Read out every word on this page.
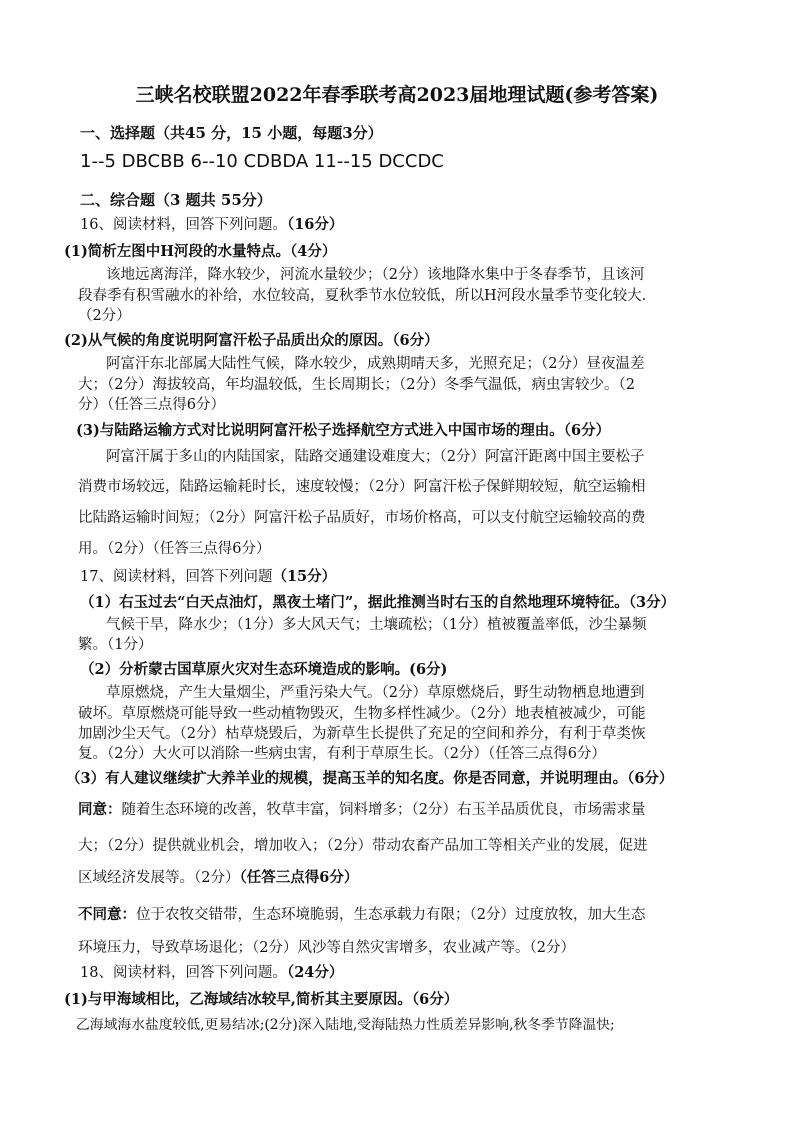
三峡名校联盟2022年春季联考高2023届地理试题(参考答案)
一、选择题（共45 分，15 小题，每题3分）
1--5 DBCBB 6--10 CDBDA 11--15 DCCDC
二、综合题（3 题共 55分）
16、阅读材料，回答下列问题。（16分）
(1)简析左图中H河段的水量特点。（4分）
该地远离海洋，降水较少，河流水量较少；（2分）该地降水集中于冬春季节，且该河
段春季有积雪融水的补给，水位较高，夏秋季节水位较低，所以H河段水量季节变化较大.
（2分）
(2)从气候的角度说明阿富汗松子品质出众的原因。（6分）
阿富汗东北部属大陆性气候，降水较少，成熟期晴天多，光照充足；（2分）昼夜温差
大；（2分）海拔较高，年均温较低，生长周期长；（2分）冬季气温低，病虫害较少。（2
分）（任答三点得6分）
(3)与陆路运输方式对比说明阿富汗松子选择航空方式进入中国市场的理由。（6分）
阿富汗属于多山的内陆国家，陆路交通建设难度大；（2分）阿富汗距离中国主要松子
消费市场较远，陆路运输耗时长，速度较慢；（2分）阿富汗松子保鲜期较短，航空运输相
比陆路运输时间短；（2分）阿富汗松子品质好，市场价格高，可以支付航空运输较高的费
用。（2分）（任答三点得6分）
17、阅读材料，回答下列问题（15分）
（1）右玉过去“白天点油灯，黑夜土堵门”，据此推测当时右玉的自然地理环境特征。（3分）
气候干旱，降水少；（1分）多大风天气；土壤疏松；（1分）植被覆盖率低，沙尘暴频
繁。（1分）
（2）分析蒙古国草原火灾对生态环境造成的影响。(6分)
草原燃烧，产生大量烟尘，严重污染大气。（2分）草原燃烧后，野生动物栖息地遭到
破坏。草原燃烧可能导致一些动植物毁灭，生物多样性减少。（2分）地表植被减少，可能
加剧沙尘天气。（2分）枯草烧毁后，为新草生长提供了充足的空间和养分，有利于草类恢
复。（2分）大火可以消除一些病虫害，有利于草原生长。（2分）（任答三点得6分）
（3）有人建议继续扩大养羊业的规模，提高玉羊的知名度。你是否同意，并说明理由。（6分）
同意：随着生态环境的改善，牧草丰富，饲料增多；（2分）右玉羊品质优良，市场需求量
大；（2分）提供就业机会，增加收入；（2分）带动农畜产品加工等相关产业的发展，促进
区域经济发展等。（2分）（任答三点得6分）
不同意：位于农牧交错带，生态环境脆弱，生态承载力有限；（2分）过度放牧，加大生态
环境压力，导致草场退化；（2分）风沙等自然灾害增多，农业减产等。（2分）
18、阅读材料，回答下列问题。（24分）
(1)与甲海域相比，乙海域结冰较早,简析其主要原因。（6分）
乙海域海水盐度较低,更易结冰;(2分)深入陆地,受海陆热力性质差异影响,秋冬季节降温快;
